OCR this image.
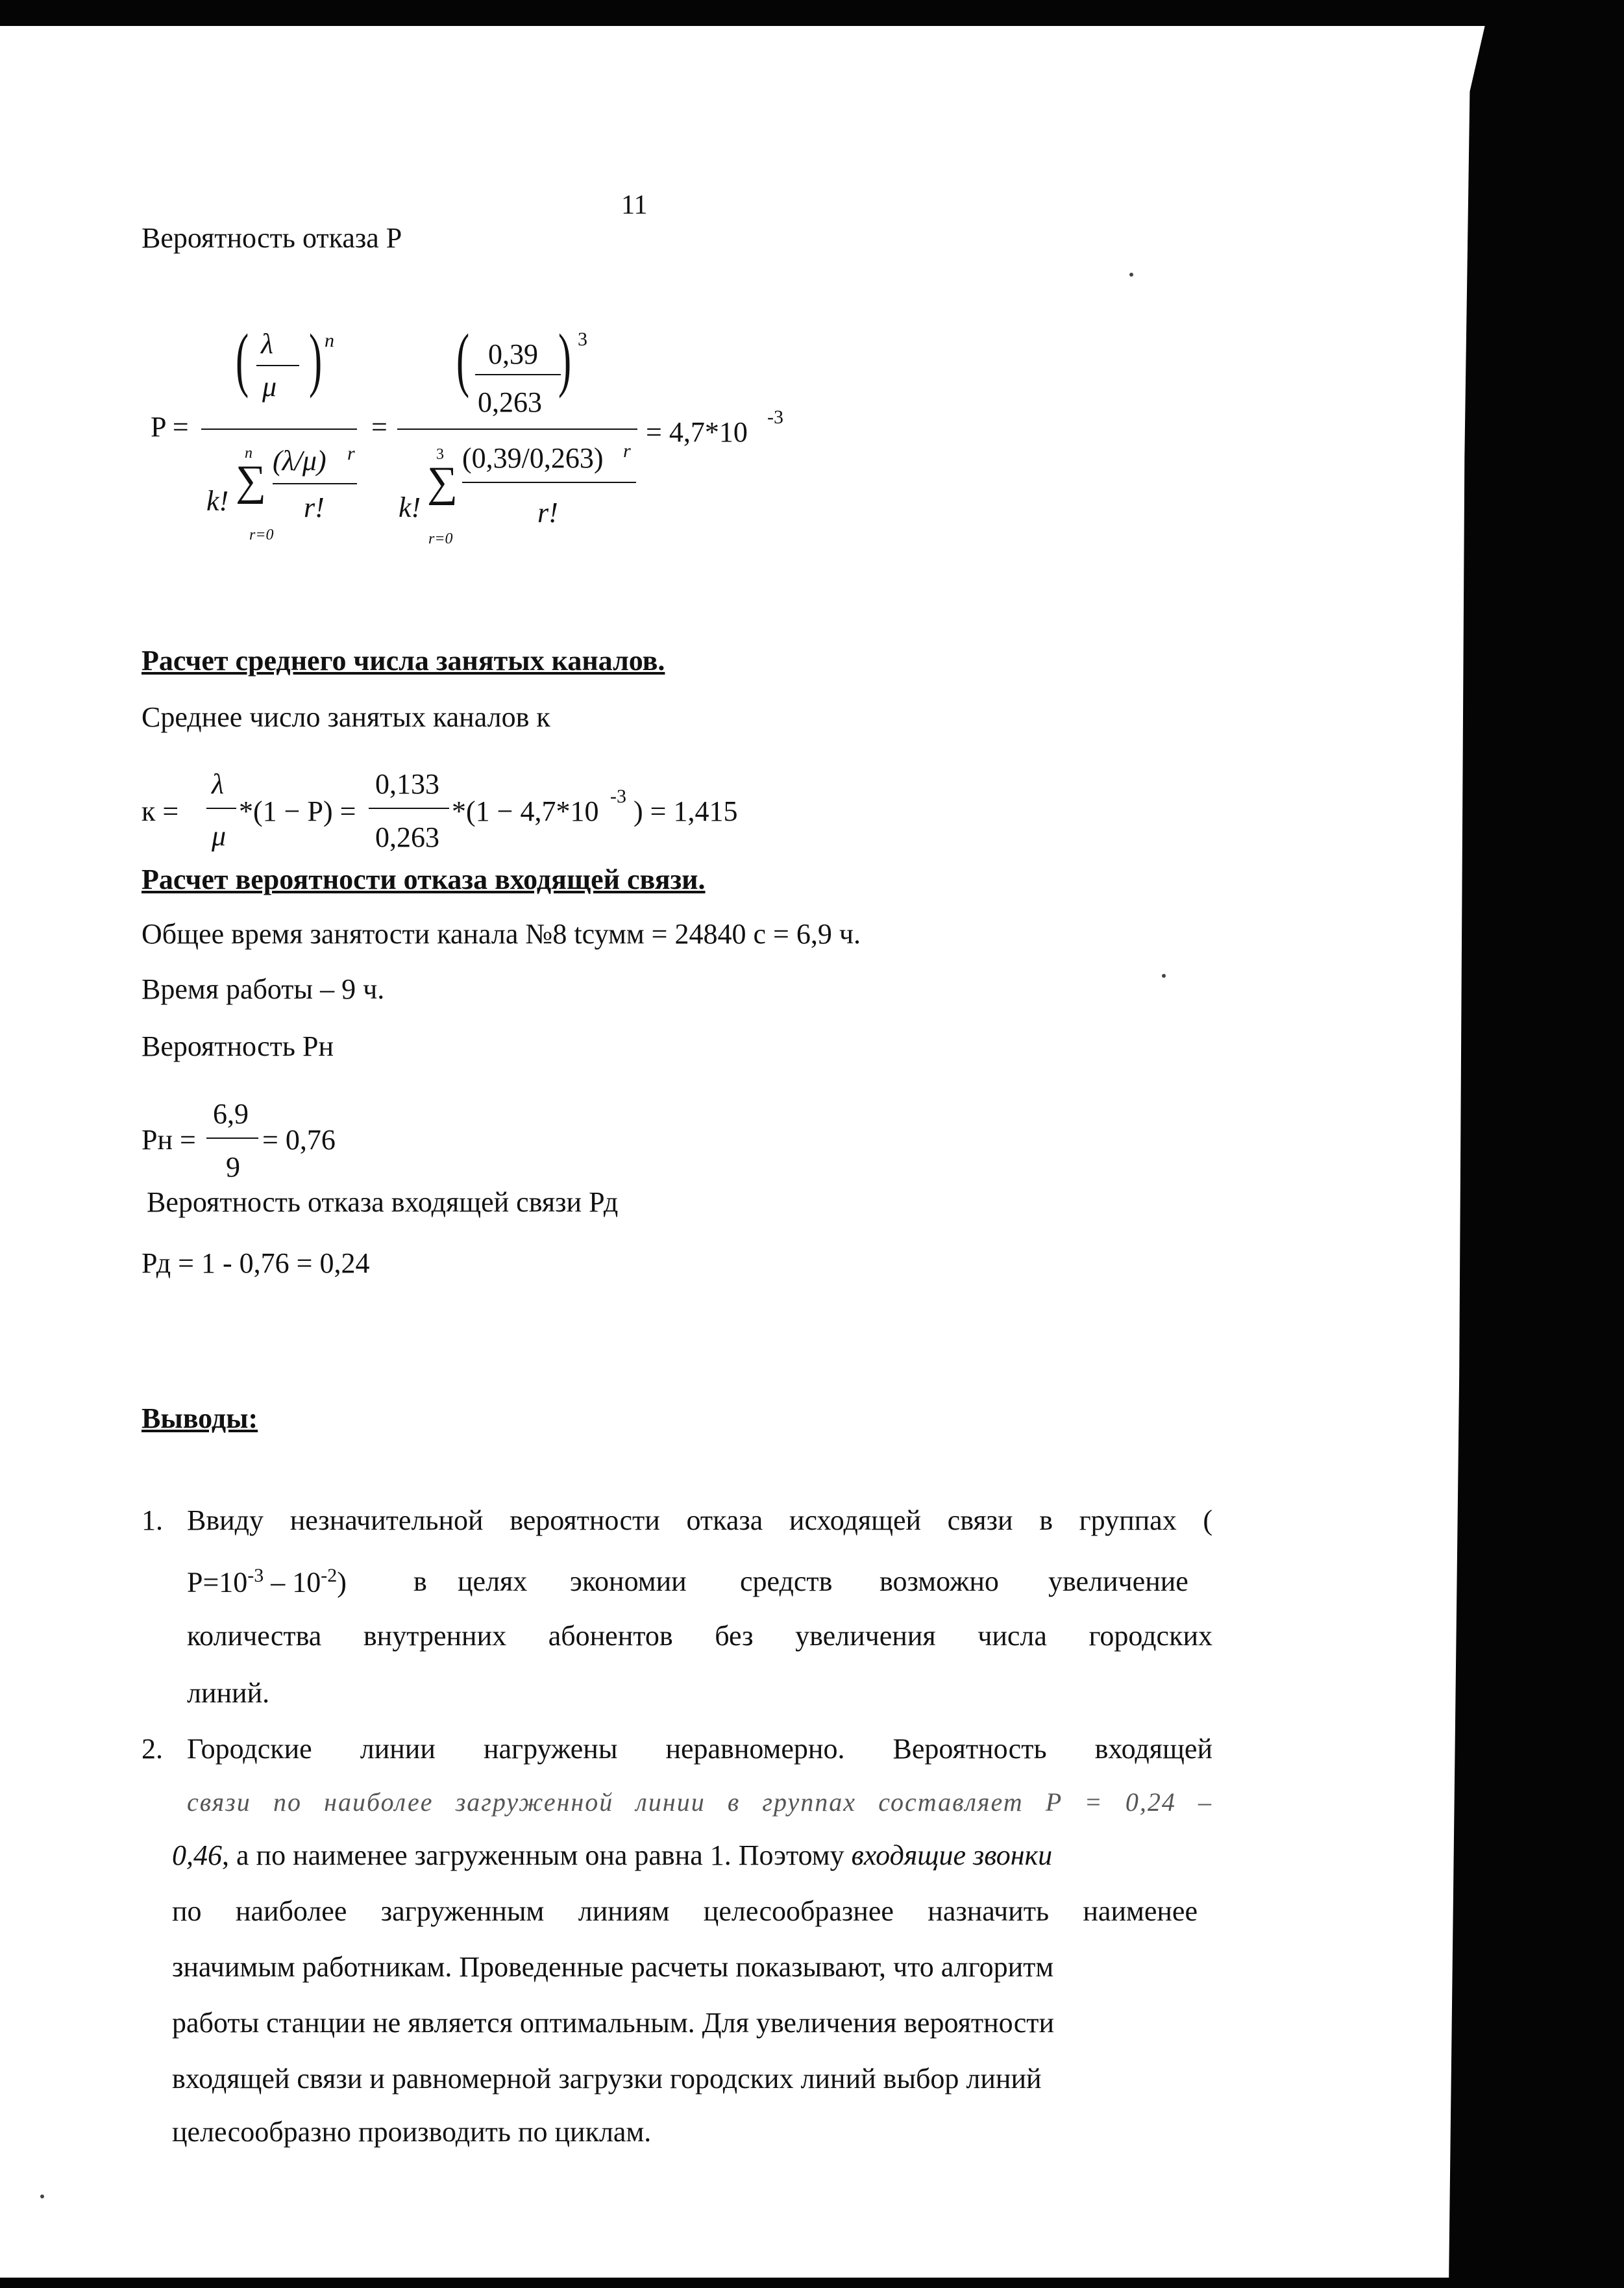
11
Вероятность отказа Р
P =
( )
λ
μ
n
k!
n
∑
r=0
(λ/μ) r
r!
=
( )
0,39
0,263
3
k!
3
∑
r=0
(0,39/0,263) r
r!
= 4,7*10 -3
Расчет среднего числа занятых каналов.
Среднее число занятых каналов к
к =
λ
μ
*(1 − P) =
0,133
0,263
*(1 − 4,7*10 -3 ) = 1,415
Расчет вероятности отказа входящей связи.
Общее время занятости канала №8 tсумм = 24840 с = 6,9 ч.
Время работы – 9 ч.
Вероятность Рн
Рн =
6,9
9
= 0,76
Вероятность отказа входящей связи Рд
Рд = 1 - 0,76 = 0,24
Выводы:
1. Ввиду незначительной вероятности отказа исходящей связи в группах (
$P=10^{-3} - 10^{-2}$) в целях экономии средств возможно увеличение
количества внутренних абонентов без увеличения числа городских
линий.
2. Городские линии нагружены неравномерно. Вероятность входящей
связи по наиболее загруженной линии в группах составляет P = 0,24 –
0,46, а по наименее загруженным она равна 1. Поэтому входящие звонки
по наиболее загруженным линиям целесообразнее назначить наименее
значимым работникам. Проведенные расчеты показывают, что алгоритм
работы станции не является оптимальным. Для увеличения вероятности
входящей связи и равномерной загрузки городских линий выбор линий
целесообразно производить по циклам.
